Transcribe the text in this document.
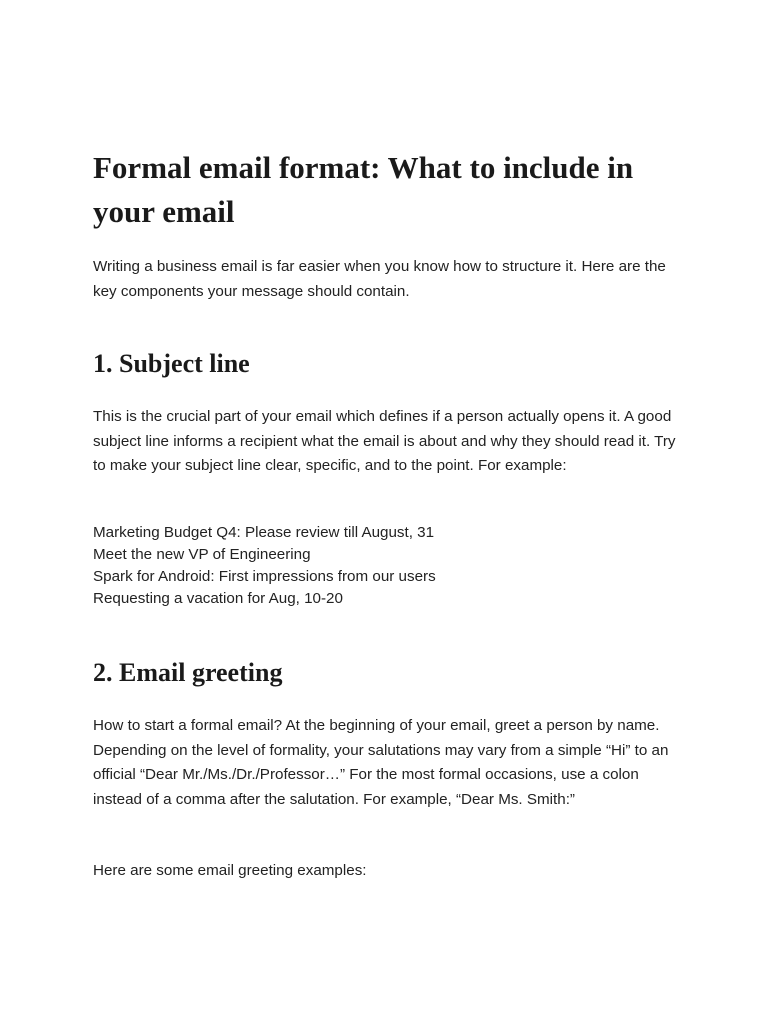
Formal email format: What to include in your email

Writing a business email is far easier when you know how to structure it. Here are the key components your message should contain.

1. Subject line

This is the crucial part of your email which defines if a person actually opens it. A good subject line informs a recipient what the email is about and why they should read it. Try to make your subject line clear, specific, and to the point. For example:

Marketing Budget Q4: Please review till August, 31
Meet the new VP of Engineering
Spark for Android: First impressions from our users
Requesting a vacation for Aug, 10-20
2. Email greeting

How to start a formal email? At the beginning of your email, greet a person by name. Depending on the level of formality, your salutations may vary from a simple “Hi” to an official “Dear Mr./Ms./Dr./Professor…” For the most formal occasions, use a colon instead of a comma after the salutation. For example, “Dear Ms. Smith:”

Here are some email greeting examples:
